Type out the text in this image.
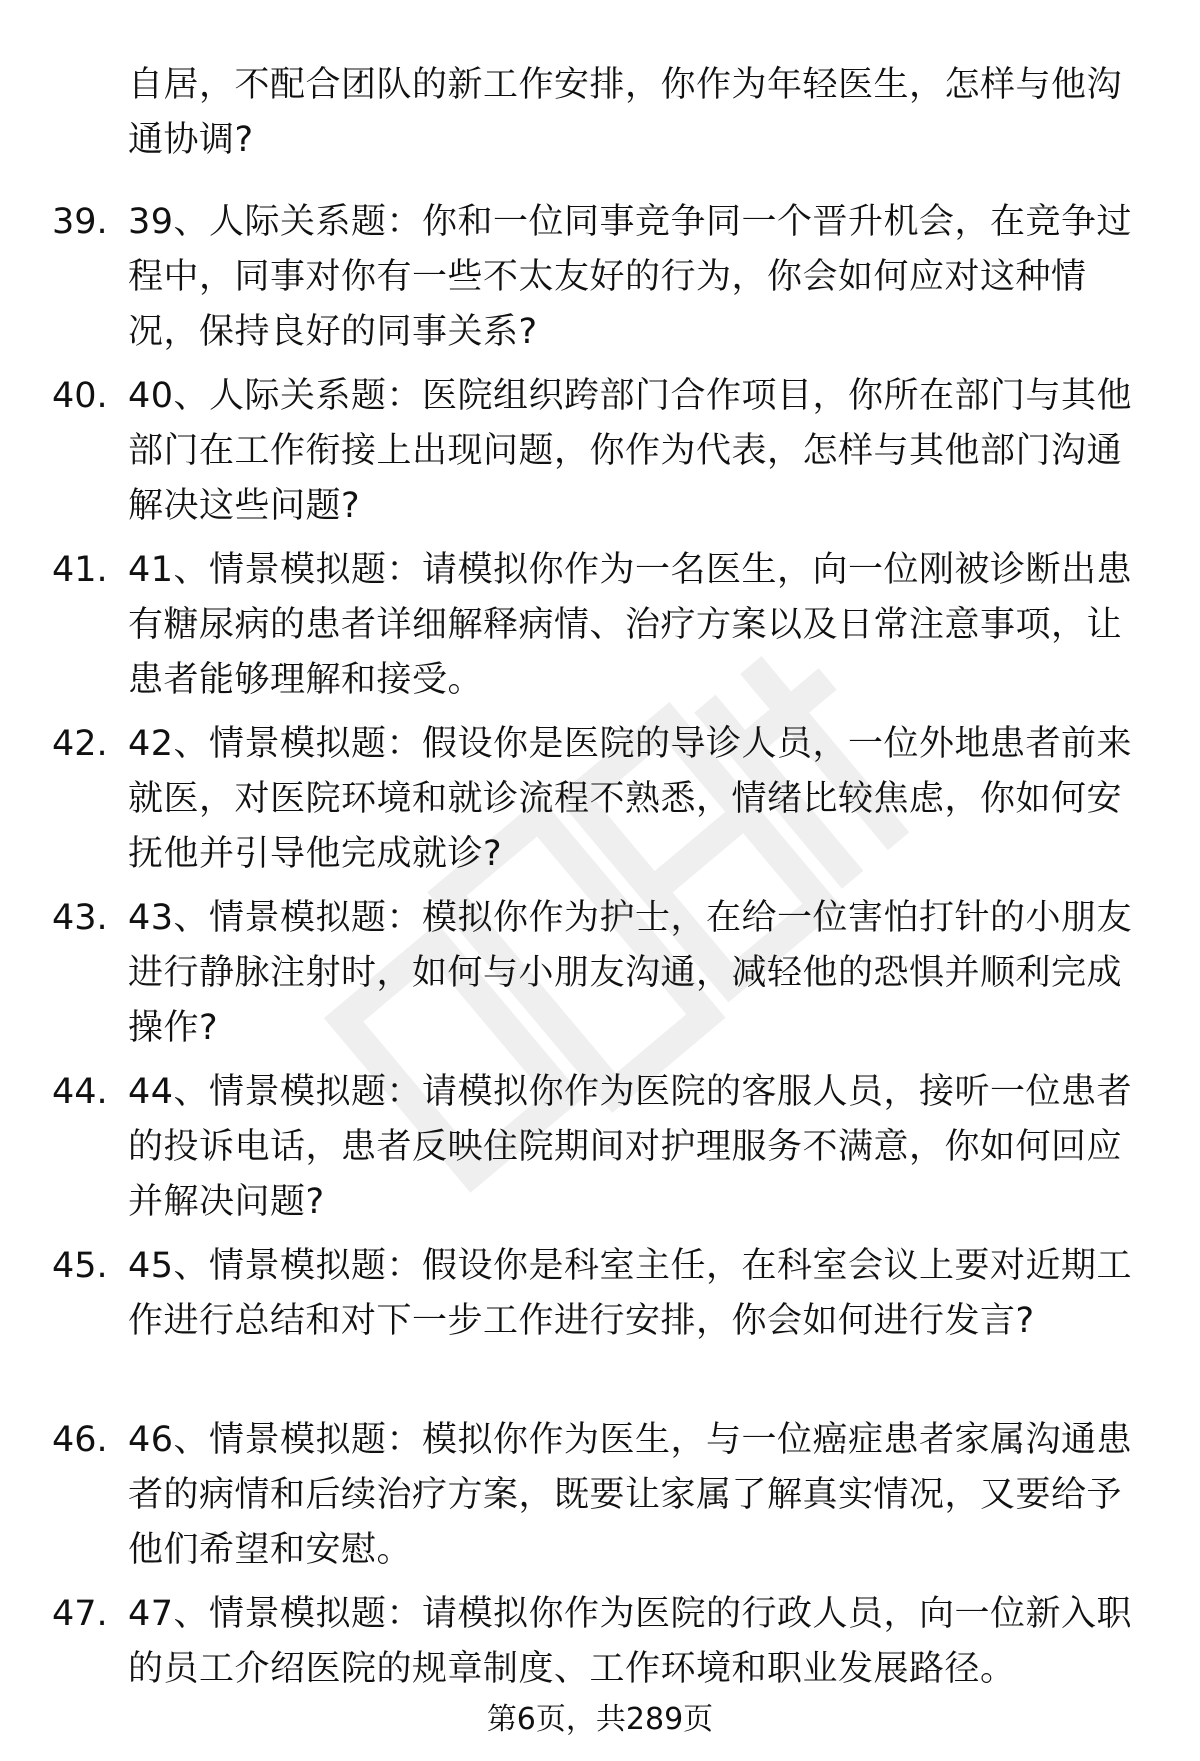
自居，不配合团队的新工作安排，你作为年轻医生，怎样与他沟通协调?
39. 39、人际关系题：你和一位同事竞争同一个晋升机会，在竞争过程中，同事对你有一些不太友好的行为，你会如何应对这种情况，保持良好的同事关系?
40. 40、人际关系题：医院组织跨部门合作项目，你所在部门与其他部门在工作衔接上出现问题，你作为代表，怎样与其他部门沟通解决这些问题?
41. 41、情景模拟题：请模拟你作为一名医生，向一位刚被诊断出患有糖尿病的患者详细解释病情、治疗方案以及日常注意事项，让患者能够理解和接受。
42. 42、情景模拟题：假设你是医院的导诊人员，一位外地患者前来就医，对医院环境和就诊流程不熟悉，情绪比较焦虑，你如何安抚他并引导他完成就诊?
43. 43、情景模拟题：模拟你作为护士，在给一位害怕打针的小朋友进行静脉注射时，如何与小朋友沟通，减轻他的恐惧并顺利完成操作?
44. 44、情景模拟题：请模拟你作为医院的客服人员，接听一位患者的投诉电话，患者反映住院期间对护理服务不满意，你如何回应并解决问题?
45. 45、情景模拟题：假设你是科室主任，在科室会议上要对近期工作进行总结和对下一步工作进行安排，你会如何进行发言?
46. 46、情景模拟题：模拟你作为医生，与一位癌症患者家属沟通患者的病情和后续治疗方案，既要让家属了解真实情况，又要给予他们希望和安慰。
47. 47、情景模拟题：请模拟你作为医院的行政人员，向一位新入职的员工介绍医院的规章制度、工作环境和职业发展路径。
第6页，共289页
